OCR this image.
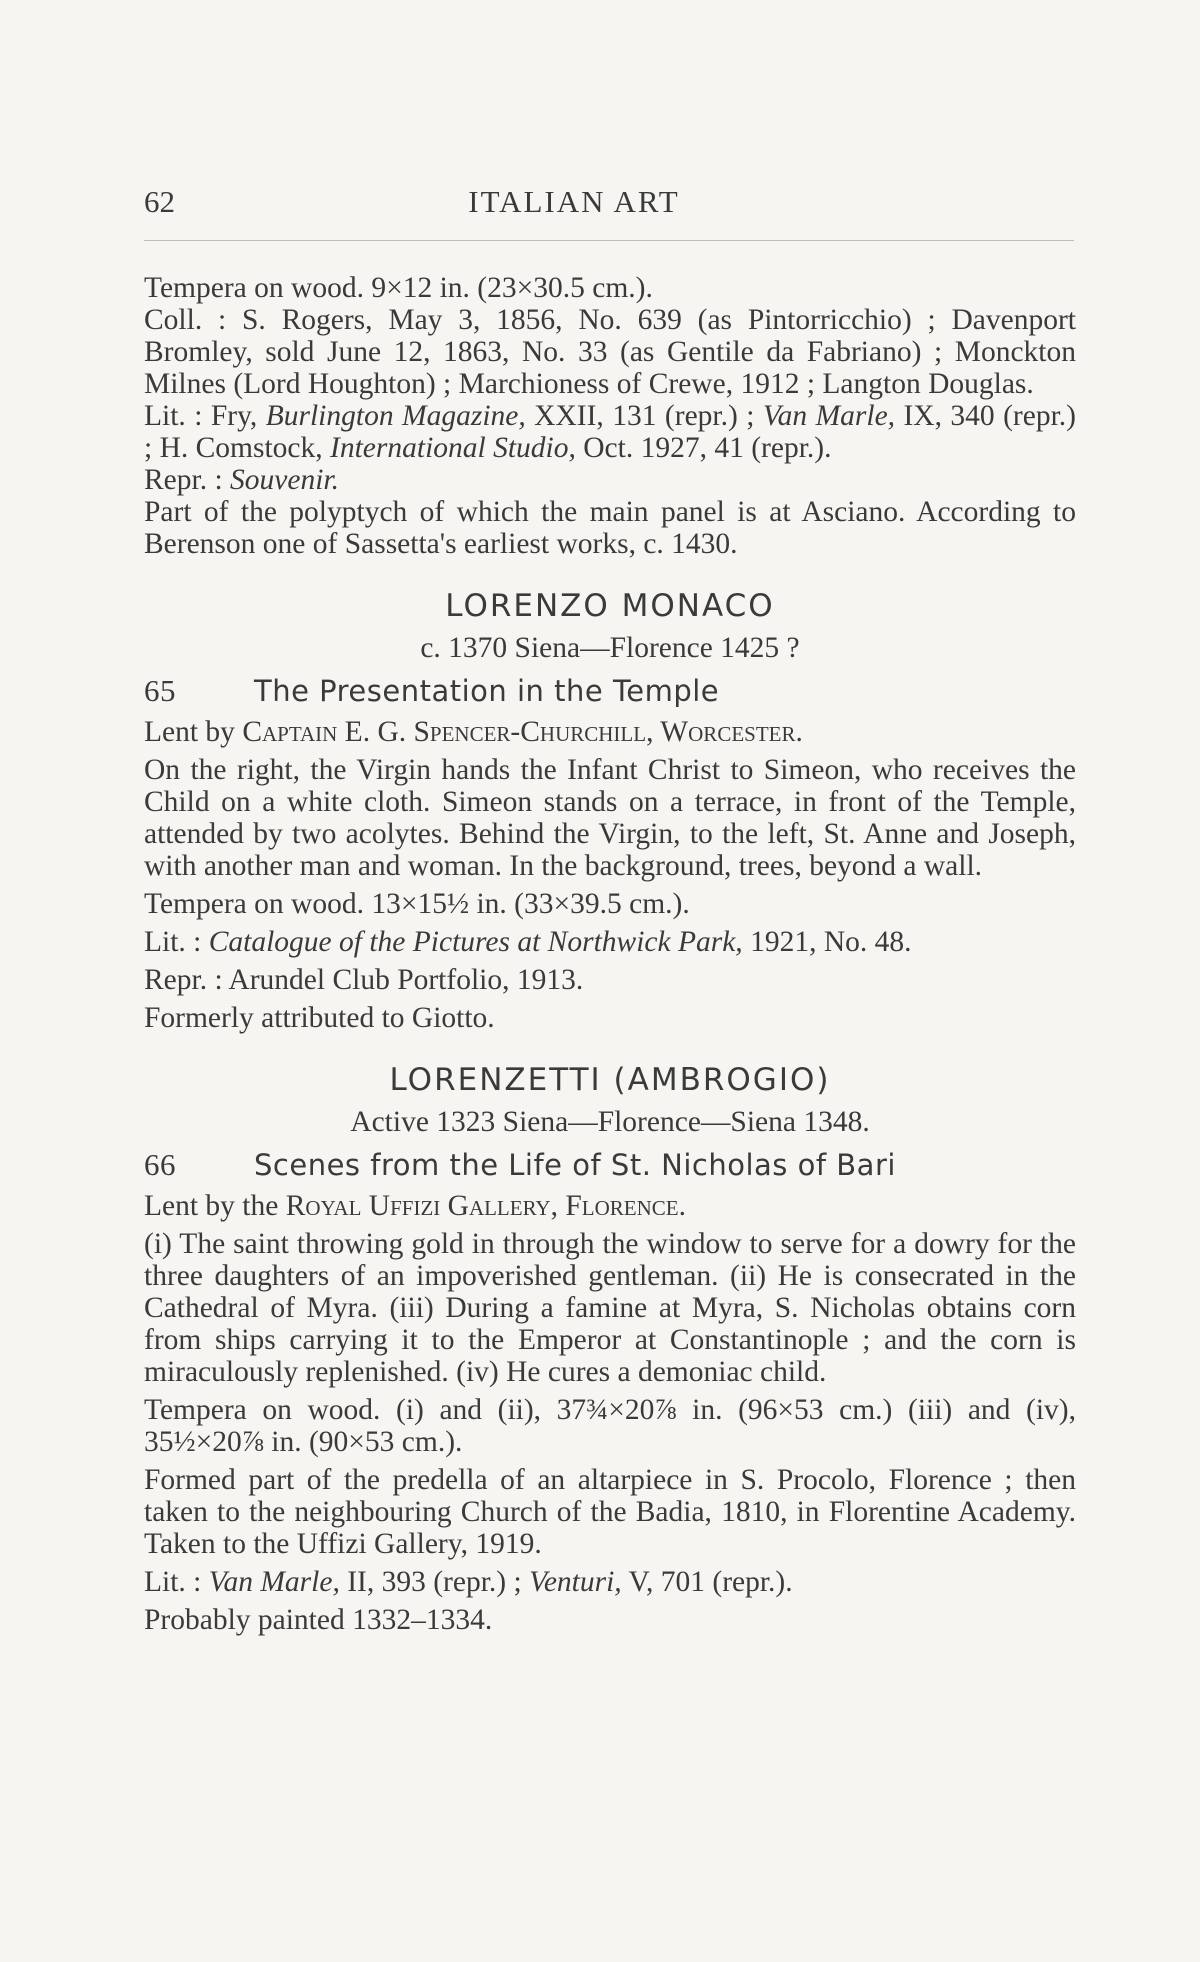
62	ITALIAN ART

Tempera on wood. 9×12 in. (23×30.5 cm.).

Coll. : S. Rogers, May 3, 1856, No. 639 (as Pintorricchio) ; Davenport Bromley, sold June 12, 1863, No. 33 (as Gentile da Fabriano) ; Monckton Milnes (Lord Houghton) ; Marchioness of Crewe, 1912 ; Langton Douglas.

Lit. : Fry, Burlington Magazine, XXII, 131 (repr.) ; Van Marle, IX, 340 (repr.) ; H. Comstock, International Studio, Oct. 1927, 41 (repr.).

Repr. : Souvenir.

Part of the polyptych of which the main panel is at Asciano. According to Berenson one of Sassetta's earliest works, c. 1430.

LORENZO MONACO

c. 1370 Siena—Florence 1425 ?

65	The Presentation in the Temple

Lent by Captain E. G. Spencer-Churchill, Worcester.

On the right, the Virgin hands the Infant Christ to Simeon, who receives the Child on a white cloth. Simeon stands on a terrace, in front of the Temple, attended by two acolytes. Behind the Virgin, to the left, St. Anne and Joseph, with another man and woman. In the background, trees, beyond a wall.

Tempera on wood. 13×15½ in. (33×39.5 cm.).

Lit. : Catalogue of the Pictures at Northwick Park, 1921, No. 48.

Repr. : Arundel Club Portfolio, 1913.

Formerly attributed to Giotto.

LORENZETTI (AMBROGIO)

Active 1323 Siena—Florence—Siena 1348.

66	Scenes from the Life of St. Nicholas of Bari

Lent by the Royal Uffizi Gallery, Florence.

(i) The saint throwing gold in through the window to serve for a dowry for the three daughters of an impoverished gentleman. (ii) He is consecrated in the Cathedral of Myra. (iii) During a famine at Myra, S. Nicholas obtains corn from ships carrying it to the Emperor at Constantinople ; and the corn is miraculously replenished. (iv) He cures a demoniac child.

Tempera on wood. (i) and (ii), 37¾×20⅞ in. (96×53 cm.) (iii) and (iv), 35½×20⅞ in. (90×53 cm.).

Formed part of the predella of an altarpiece in S. Procolo, Florence ; then taken to the neighbouring Church of the Badia, 1810, in Florentine Academy. Taken to the Uffizi Gallery, 1919.

Lit. : Van Marle, II, 393 (repr.) ; Venturi, V, 701 (repr.).

Probably painted 1332–1334.
